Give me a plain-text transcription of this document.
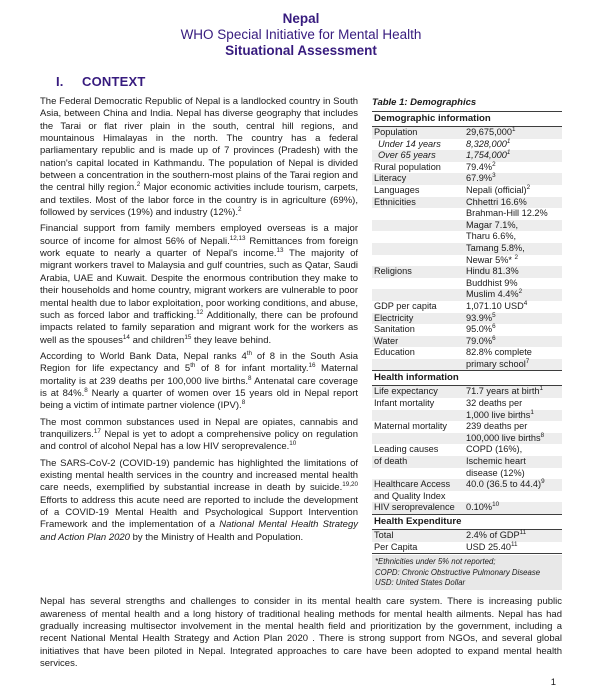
Nepal
WHO Special Initiative for Mental Health
Situational Assessment
I.	CONTEXT

The Federal Democratic Republic of Nepal is a landlocked country in South Asia, between China and India. Nepal has diverse geography that includes the Tarai or flat river plain in the south, central hill regions, and mountainous Himalayas in the north. The country has a federal parliamentary republic and is made up of 7 provinces (Pradesh) with the nation's capital located in Kathmandu. The population of Nepal is divided between a concentration in the southern-most plains of the Tarai region and the central hilly region.$^2$ Major economic activities include tourism, carpets, and textiles. Most of the labor force in the country is in agriculture (69%), followed by services (19%) and industry (12%).$^2$

Financial support from family members employed overseas is a major source of income for almost 56% of Nepali.$^{12,13}$ Remittances from foreign work equate to nearly a quarter of Nepal's income.$^{13}$ The majority of migrant workers travel to Malaysia and gulf countries, such as Qatar, Saudi Arabia, UAE and Kuwait. Despite the enormous contribution they make to their households and home country, migrant workers are vulnerable to poor mental health due to labor exploitation, poor working conditions, and abuse, such as forced labor and trafficking.$^{12}$ Additionally, there can be profound impacts related to family separation and migrant work for the workers as well as the spouses$^{14}$ and children$^{15}$ they leave behind.

According to World Bank Data, Nepal ranks 4th of 8 in the South Asia Region for life expectancy and 5th of 8 for infant mortality.$^{16}$ Maternal mortality is at 239 deaths per 100,000 live births.$^8$ Antenatal care coverage is at 84%.$^8$ Nearly a quarter of women over 15 years old in Nepal report being a victim of intimate partner violence (IPV).$^8$

The most common substances used in Nepal are opiates, cannabis and tranquilizers.$^{17}$ Nepal is yet to adopt a comprehensive policy on regulation and control of alcohol Nepal has a low HIV seroprevalence.$^{10}$

The SARS-CoV-2 (COVID-19) pandemic has highlighted the limitations of existing mental health services in the country and increased mental health care needs, exemplified by substantial increase in death by suicide.$^{19,20}$ Efforts to address this acute need are reported to include the development of a COVID-19 Mental Health and Psychological Support Intervention Framework and the implementation of a National Mental Health Strategy and Action Plan 2020 by the Ministry of Health and Population.

Table 1: Demographics
Demographic information
Population	29,675,000$^1$
Under 14 years	8,328,000$^1$
Over 65 years	1,754,000$^1$
Rural population	79.4%$^2$
Literacy	67.9%$^3$
Languages	Nepali (official)$^2$
Ethnicities	Chhettri 16.6%
Brahman-Hill 12.2%
Magar 7.1%,
Tharu 6.6%,
Tamang 5.8%,
Newar 5%* $^2$
Religions	Hindu 81.3%
Buddhist 9%
Muslim 4.4%$^2$
GDP per capita	1,071.10 USD$^4$
Electricity	93.9%$^5$
Sanitation	95.0%$^6$
Water	79.0%$^6$
Education	82.8% complete
primary school$^7$
Health information
Life expectancy	71.7 years at birth$^1$
Infant mortality	32 deaths per
1,000 live births$^1$
Maternal mortality	239 deaths per
100,000 live births$^8$
Leading causes	COPD (16%),
of death	Ischemic heart
disease (12%)
Healthcare Access	40.0 (36.5 to 44.4)$^9$
and Quality Index
HIV seroprevalence	0.10%$^{10}$
Health Expenditure
Total	2.4% of GDP$^{11}$
Per Capita	USD 25.40$^{11}$
*Ethnicities under 5% not reported;
COPD: Chronic Obstructive Pulmonary Disease
USD: United States Dollar

Nepal has several strengths and challenges to consider in its mental health care system. There is increasing public awareness of mental health and a long history of traditional healing methods for mental health ailments. Nepal has had gradually increasing multisector involvement in the mental health field and prioritization by the government, including a recent National Mental Health Strategy and Action Plan 2020 . There is strong support from NGOs, and several global initiatives that have been piloted in Nepal. Integrated approaches to care have been adopted to expand mental health services.

1
